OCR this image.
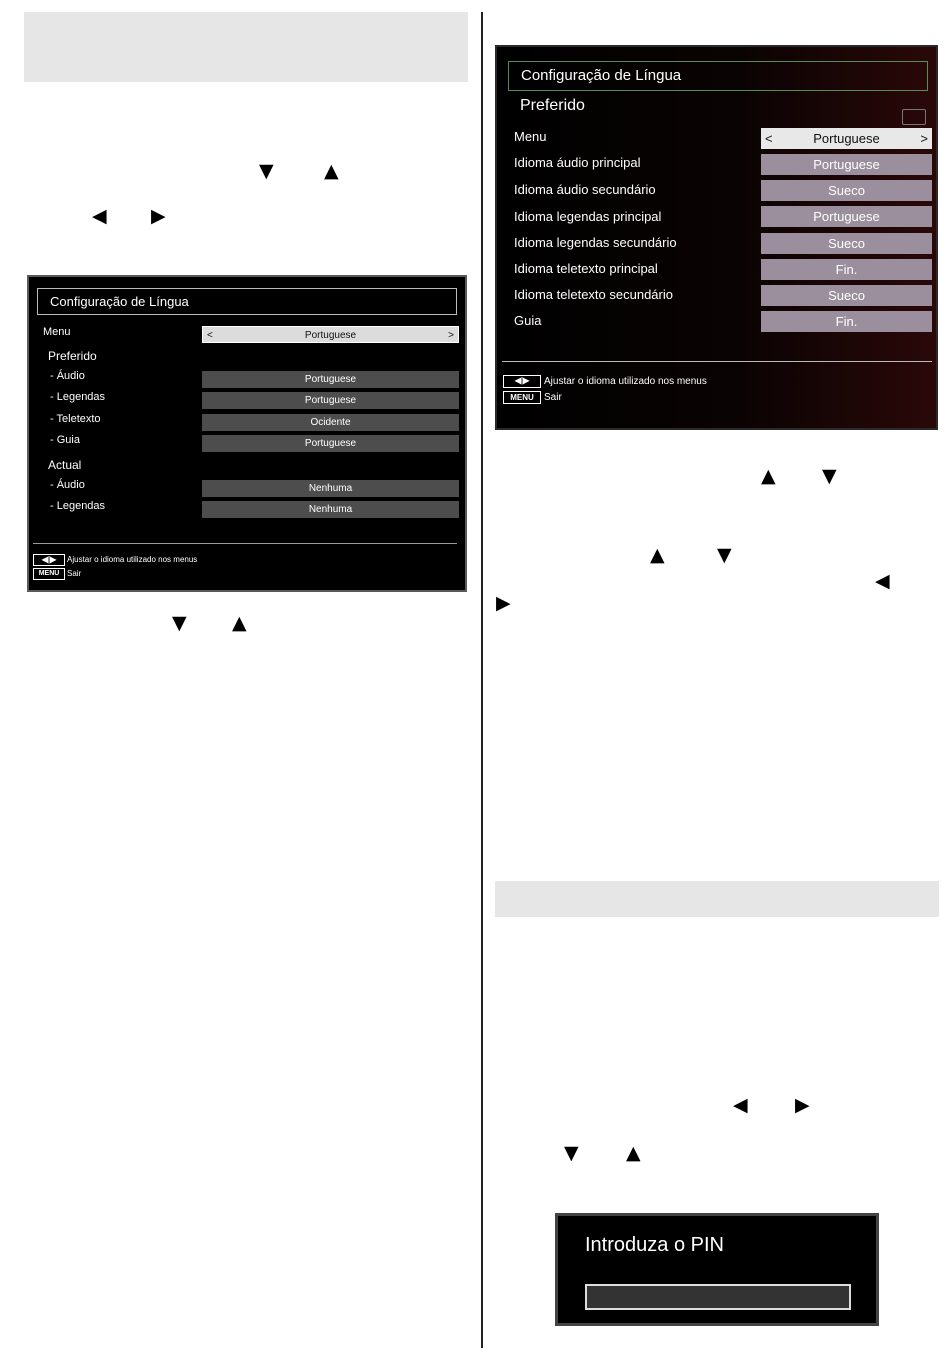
▼	▲
◀ ▶
Configuração de Língua
Menu	<	Portuguese	>
Preferido
- Áudio	Portuguese
- Legendas	Portuguese
- Teletexto	Ocidente
- Guia	Portuguese
Actual
- Áudio	Nenhuma
- Legendas	Nenhuma
◀|▶	Ajustar o idioma utilizado nos menus
MENU Sair
▼ ▲
Configuração de Língua
Preferido
Menu	<	Portuguese	>
Idioma áudio principal	Portuguese
Idioma áudio secundário	Sueco
Idioma legendas principal	Portuguese
Idioma legendas secundário	Sueco
Idioma teletexto principal	Fin.
Idioma teletexto secundário	Sueco
Guia	Fin.
◀|▶	Ajustar o idioma utilizado nos menus
MENU	Sair
▲ ▼
▲	▼
◀
▶
◀ ▶
▼ ▲
Introduza o PIN
